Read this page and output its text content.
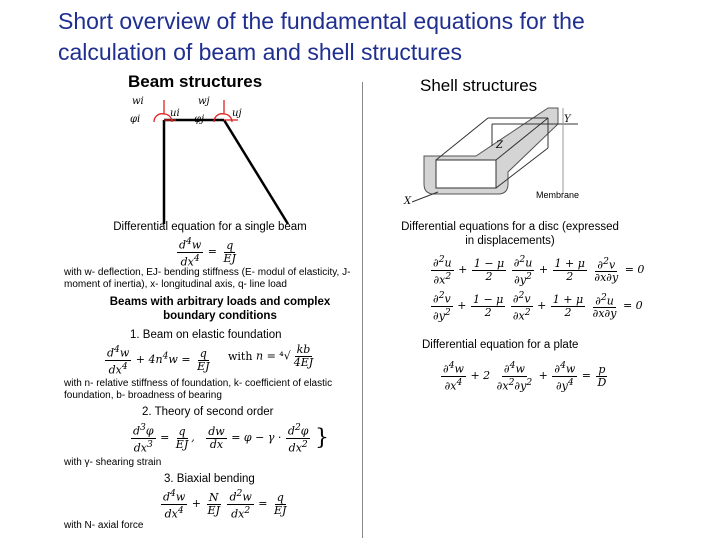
Short overview of the fundamental equations for the calculation of beam and shell structures
Beam structures
wi
φi
ui
wj
φj
uj
Differential equation for a single beam
$\frac{d^4w}{dx^4} = \frac{q}{EJ}$
with w- deflection, EJ- bending stiffness (E- modul of elasticity, J- moment of inertia), x- longitudinal axis, q- line load
Beams with arbitrary loads and complex boundary conditions
1. Beam on elastic foundation
$\frac{d^4w}{dx^4} + 4n^4w = \frac{q}{EJ}$ with $n = ^4√ \frac{kb}{4EJ}$
with n- relative stiffness of foundation, k- coefficient of elastic foundation, b- broadness of bearing
2. Theory of second order
$\frac{d^3\varphi}{dx^3} = \frac{q}{EJ}$ , $\frac{dw}{dx} = \varphi - \gamma \cdot \frac{d^2\varphi}{dx^2}$ }
with γ- shearing strain
3. Biaxial bending
$\frac{d^4w}{dx^4} + \frac{N}{EJ}$
$\frac{d^2w}{dx^2} = \frac{q}{EJ}$
with N- axial force
Shell structures
Y
Z
X
Membrane
Differential equations for a disc (expressed in displacements)
$\frac{\partial^2u}{\partial x^2} + \frac{1 - \mu}{2}$
$\frac{\partial^2u}{\partial y^2} + \frac{1 + \mu}{2}$
$\frac{\partial^2v}{\partial x\partial y} = 0$
$\frac{\partial^2v}{\partial y^2} + \frac{1 - \mu}{2}$
$\frac{\partial^2v}{\partial x^2} + \frac{1 + \mu}{2}$
$\frac{\partial^2u}{\partial x\partial y} = 0$
Differential equation for a plate
$\frac{\partial^4w}{\partial x^4} + 2 \frac{\partial^4w}{\partial x^2\partial y^2} + \frac{\partial^4w}{\partial y^4} = \frac{p}{D}$
